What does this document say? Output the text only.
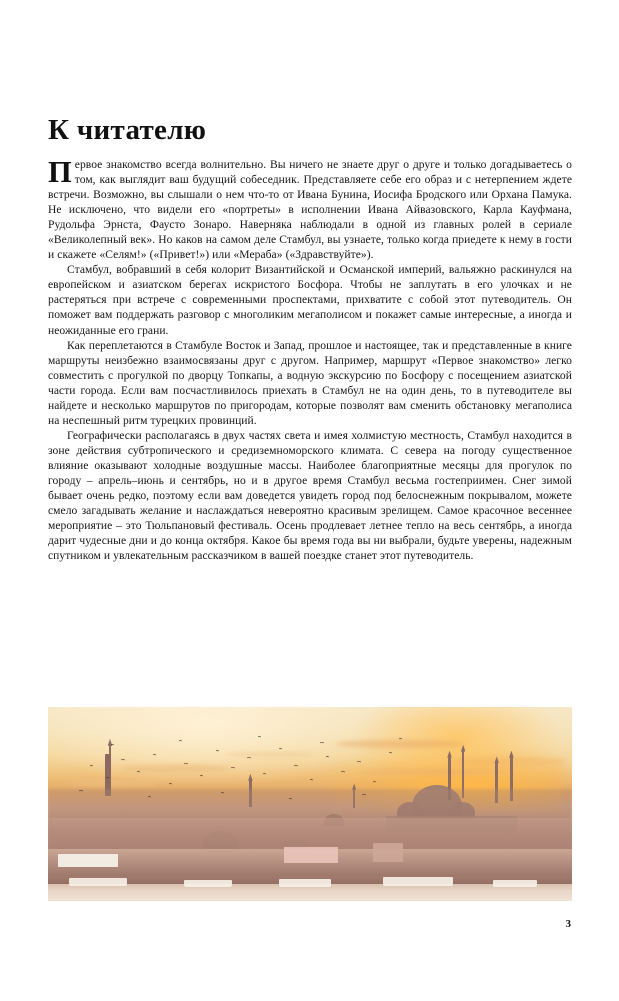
К читателю

Первое знакомство всегда волнительно. Вы ничего не знаете друг о друге и только догадываетесь о том, как выглядит ваш будущий собеседник. Представляете себе его образ и с нетерпением ждете встречи. Возможно, вы слышали о нем что-то от Ивана Бунина, Иосифа Бродского или Орхана Памука. Не исключено, что видели его «портреты» в исполнении Ивана Айвазовского, Карла Кауфмана, Рудольфа Эрнста, Фаусто Зонаро. Наверняка наблюдали в одной из главных ролей в сериале «Великолепный век». Но каков на самом деле Стамбул, вы узнаете, только когда приедете к нему в гости и скажете «Селям!» («Привет!») или «Мераба» («Здравствуйте»).

Стамбул, вобравший в себя колорит Византийской и Османской империй, вальяжно раскинулся на европейском и азиатском берегах искристого Босфора. Чтобы не заплутать в его улочках и не растеряться при встрече с современными проспектами, прихватите с собой этот путеводитель. Он поможет вам поддержать разговор с многоликим мегаполисом и покажет самые интересные, а иногда и неожиданные его грани.

Как переплетаются в Стамбуле Восток и Запад, прошлое и настоящее, так и представленные в книге маршруты неизбежно взаимосвязаны друг с другом. Например, маршрут «Первое знакомство» легко совместить с прогулкой по дворцу Топкапы, а водную экскурсию по Босфору с посещением азиатской части города. Если вам посчастливилось приехать в Стамбул не на один день, то в путеводителе вы найдете и несколько маршрутов по пригородам, которые позволят вам сменить обстановку мегаполиса на неспешный ритм турецких провинций.

Географически располагаясь в двух частях света и имея холмистую местность, Стамбул находится в зоне действия субтропического и средиземноморского климата. С севера на погоду существенное влияние оказывают холодные воздушные массы. Наиболее благоприятные месяцы для прогулок по городу – апрель–июнь и сентябрь, но и в другое время Стамбул весьма гостеприимен. Снег зимой бывает очень редко, поэтому если вам доведется увидеть город под белоснежным покрывалом, можете смело загадывать желание и наслаждаться невероятно красивым зрелищем. Самое красочное весеннее мероприятие – это Тюльпановый фестиваль. Осень продлевает летнее тепло на весь сентябрь, а иногда дарит чудесные дни и до конца октября. Какое бы время года вы ни выбрали, будьте уверены, надежным спутником и увлекательным рассказчиком в вашей поездке станет этот путеводитель.

3
